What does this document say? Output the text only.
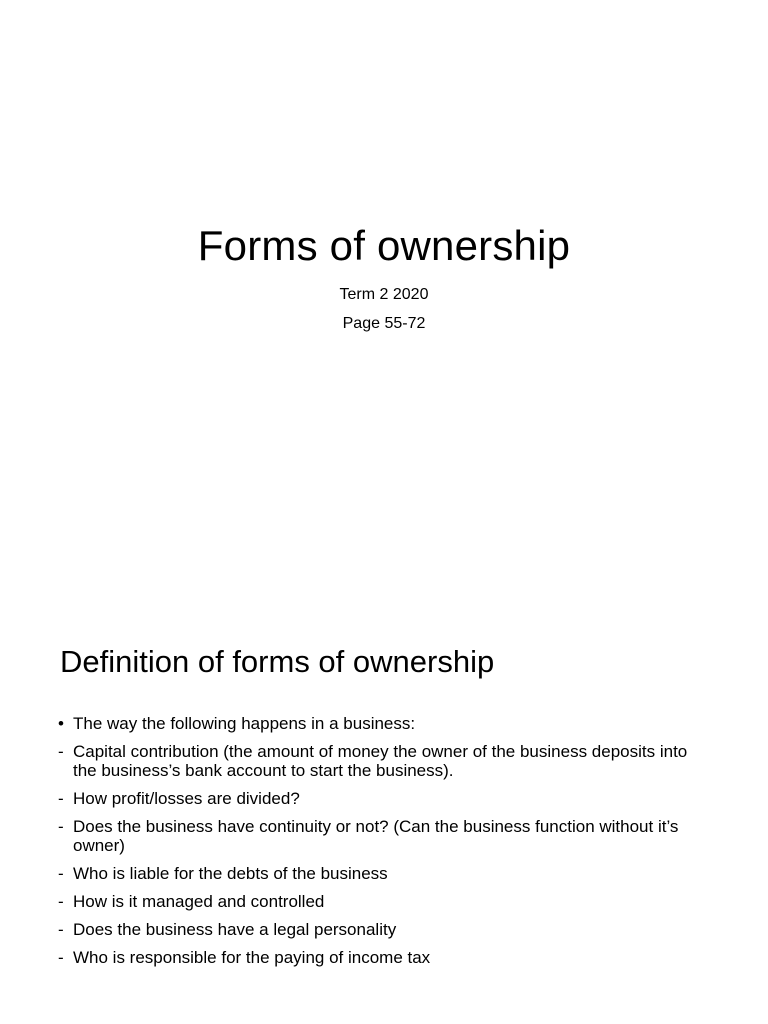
Forms of ownership
Term 2 2020
Page 55-72
Definition of forms of ownership
• The way the following happens in a business:
- Capital contribution (the amount of money the owner of the business deposits into the business’s bank account to start the business).
- How profit/losses are divided?
- Does the business have continuity or not? (Can the business function without it’s owner)
- Who is liable for the debts of the business
- How is it managed and controlled
- Does the business have a legal personality
- Who is responsible for the paying of income tax
